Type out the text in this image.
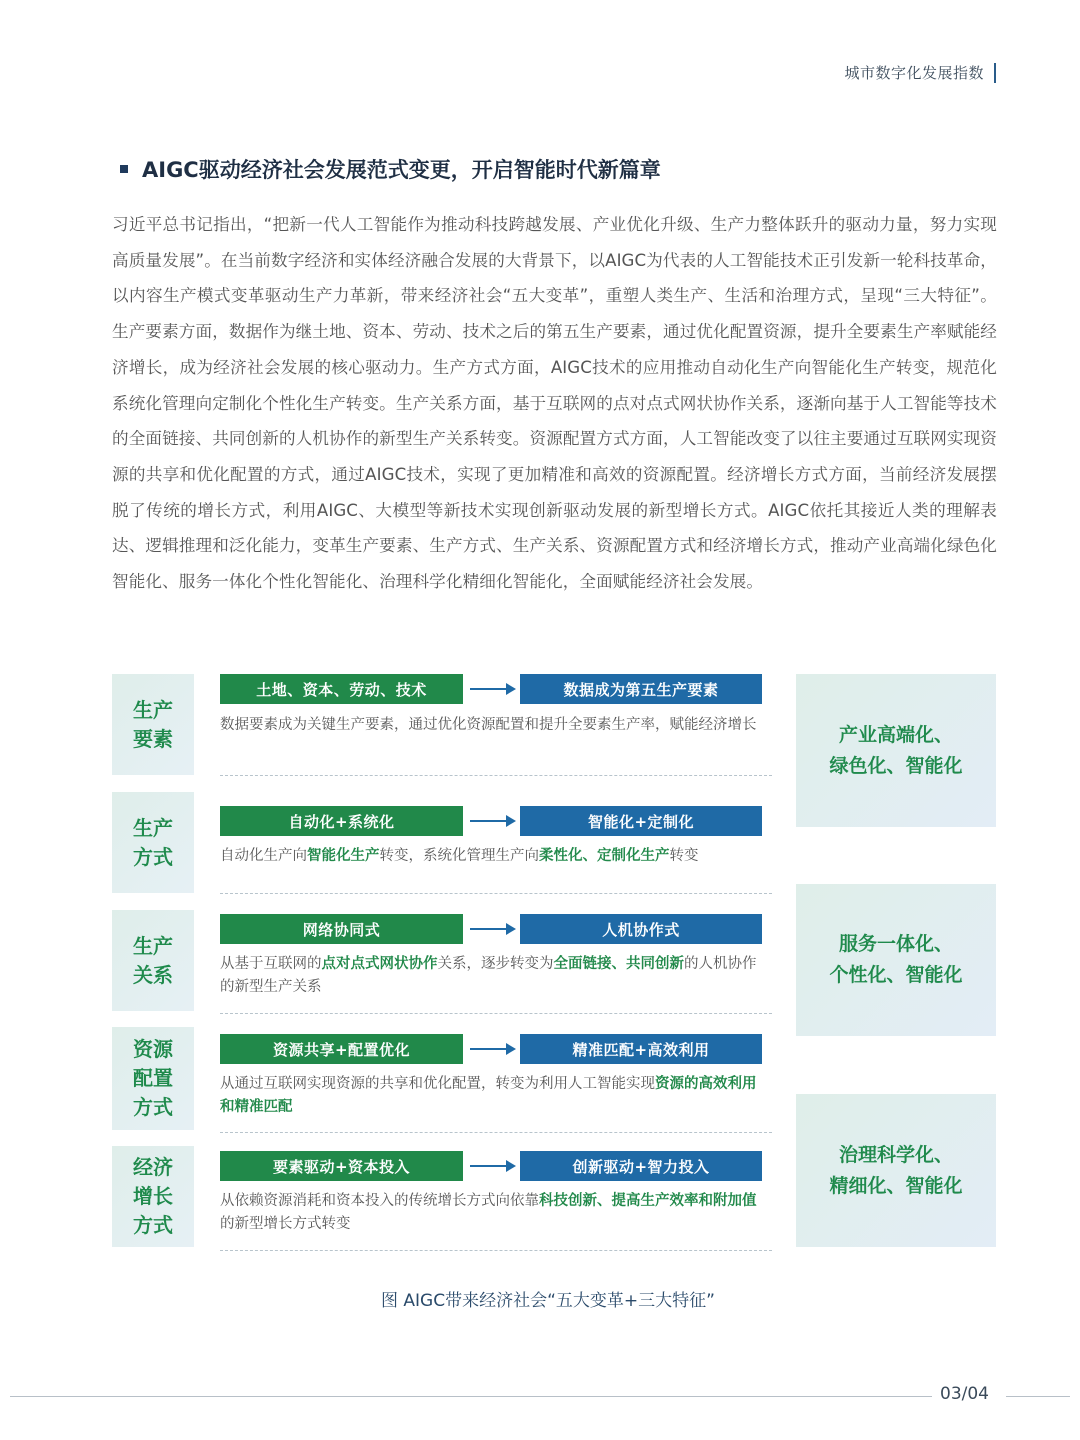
城市数字化发展指数
AIGC驱动经济社会发展范式变更，开启智能时代新篇章
习近平总书记指出，“把新一代人工智能作为推动科技跨越发展、产业优化升级、生产力整体跃升的驱动力量，努力实现高质量发展”。在当前数字经济和实体经济融合发展的大背景下，以AIGC为代表的人工智能技术正引发新一轮科技革命，以内容生产模式变革驱动生产力革新，带来经济社会“五大变革”，重塑人类生产、生活和治理方式，呈现“三大特征”。生产要素方面，数据作为继土地、资本、劳动、技术之后的第五生产要素，通过优化配置资源，提升全要素生产率赋能经济增长，成为经济社会发展的核心驱动力。生产方式方面，AIGC技术的应用推动自动化生产向智能化生产转变，规范化系统化管理向定制化个性化生产转变。生产关系方面，基于互联网的点对点式网状协作关系，逐渐向基于人工智能等技术的全面链接、共同创新的人机协作的新型生产关系转变。资源配置方式方面，人工智能改变了以往主要通过互联网实现资源的共享和优化配置的方式，通过AIGC技术，实现了更加精准和高效的资源配置。经济增长方式方面，当前经济发展摆脱了传统的增长方式，利用AIGC、大模型等新技术实现创新驱动发展的新型增长方式。AIGC依托其接近人类的理解表达、逻辑推理和泛化能力，变革生产要素、生产方式、生产关系、资源配置方式和经济增长方式，推动产业高端化绿色化智能化、服务一体化个性化智能化、治理科学化精细化智能化，全面赋能经济社会发展。
生产要素
生产方式
生产关系
资源配置方式
经济增长方式
土地、资本、劳动、技术	数据成为第五生产要素
数据要素成为关键生产要素，通过优化资源配置和提升全要素生产率，赋能经济增长
自动化+系统化	智能化+定制化
自动化生产向智能化生产转变，系统化管理生产向柔性化、定制化生产转变
网络协同式	人机协作式
从基于互联网的点对点式网状协作关系，逐步转变为全面链接、共同创新的人机协作的新型生产关系
资源共享+配置优化	精准匹配+高效利用
从通过互联网实现资源的共享和优化配置，转变为利用人工智能实现资源的高效利用和精准匹配
要素驱动+资本投入	创新驱动+智力投入
从依赖资源消耗和资本投入的传统增长方式向依靠科技创新、提高生产效率和附加值的新型增长方式转变
产业高端化、
绿色化、智能化
服务一体化、
个性化、智能化
治理科学化、
精细化、智能化
图 AIGC带来经济社会“五大变革+三大特征”
03/04
